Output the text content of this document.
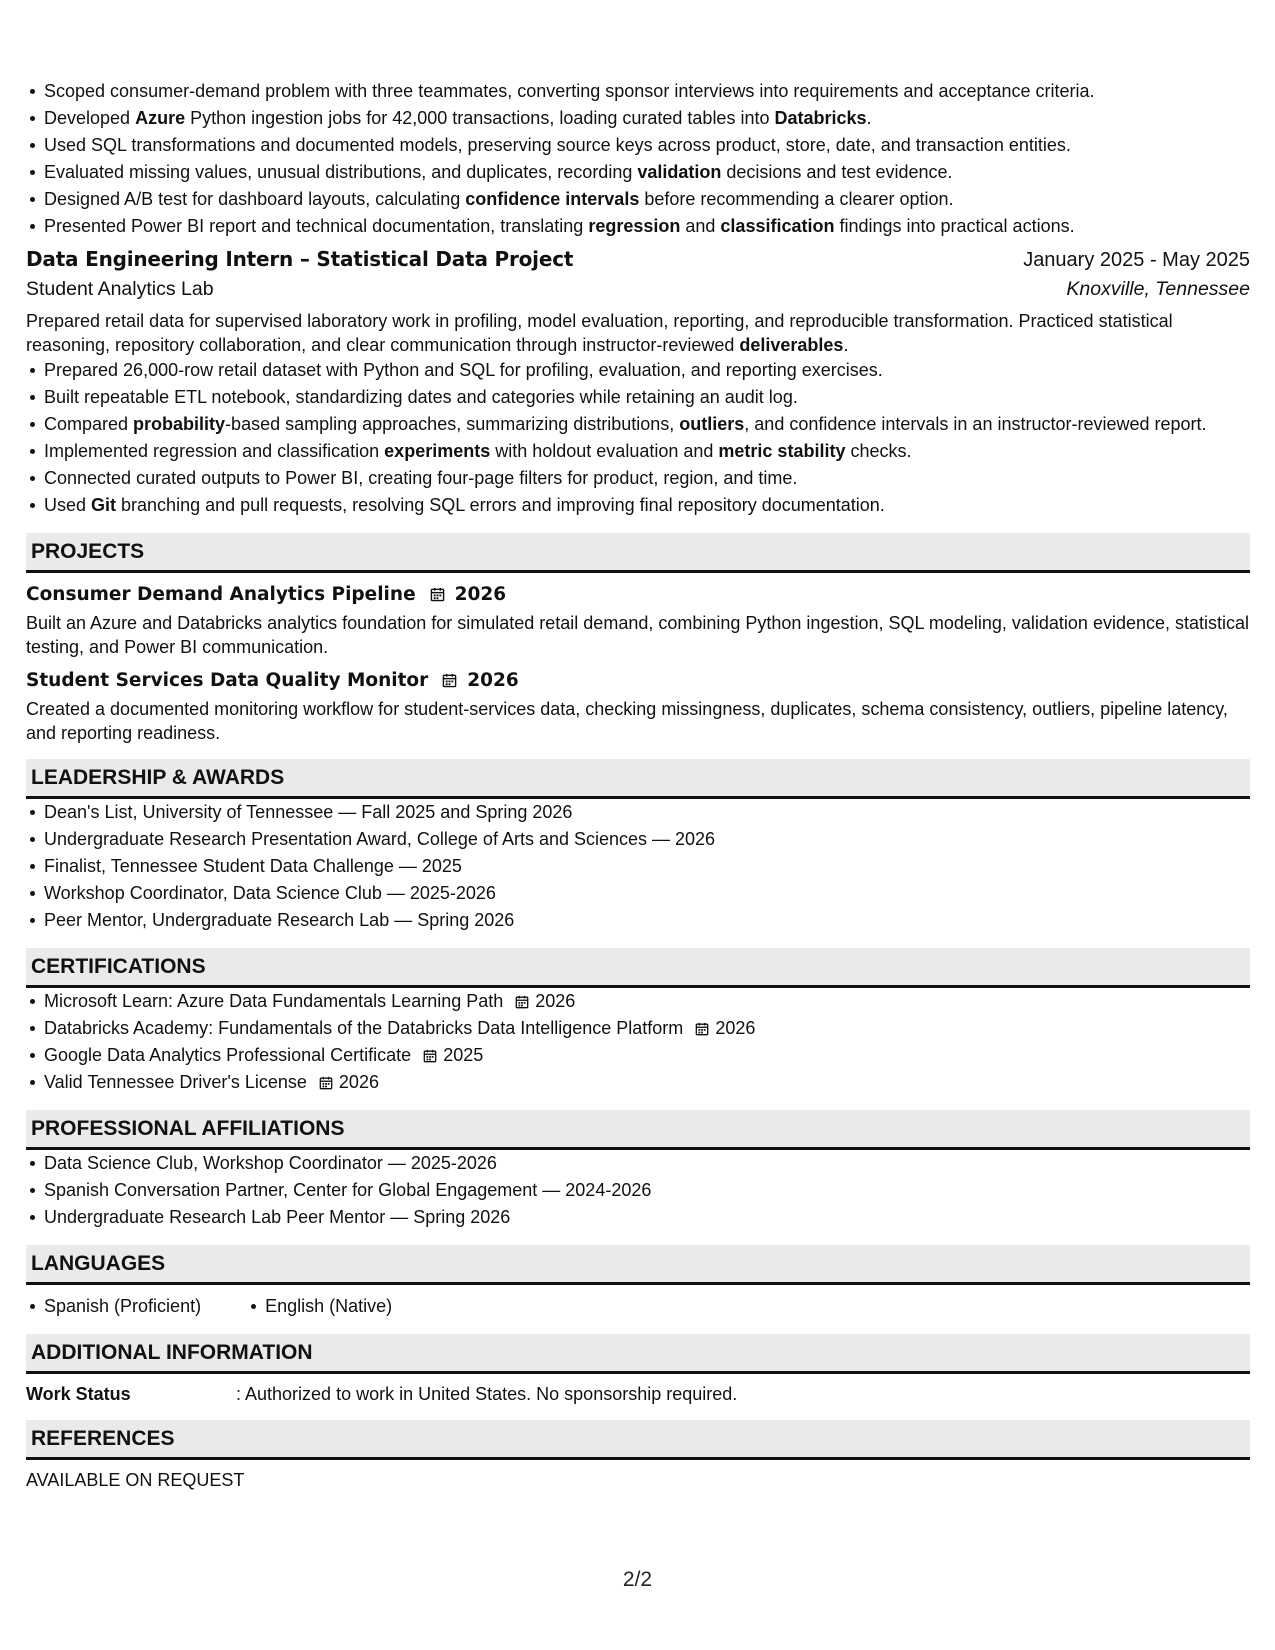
Scoped consumer-demand problem with three teammates, converting sponsor interviews into requirements and acceptance criteria.
Developed Azure Python ingestion jobs for 42,000 transactions, loading curated tables into Databricks.
Used SQL transformations and documented models, preserving source keys across product, store, date, and transaction entities.
Evaluated missing values, unusual distributions, and duplicates, recording validation decisions and test evidence.
Designed A/B test for dashboard layouts, calculating confidence intervals before recommending a clearer option.
Presented Power BI report and technical documentation, translating regression and classification findings into practical actions.
Data Engineering Intern – Statistical Data Project	January 2025 - May 2025
Student Analytics Lab	Knoxville, Tennessee
Prepared retail data for supervised laboratory work in profiling, model evaluation, reporting, and reproducible transformation. Practiced statistical reasoning, repository collaboration, and clear communication through instructor-reviewed deliverables.
Prepared 26,000-row retail dataset with Python and SQL for profiling, evaluation, and reporting exercises.
Built repeatable ETL notebook, standardizing dates and categories while retaining an audit log.
Compared probability-based sampling approaches, summarizing distributions, outliers, and confidence intervals in an instructor-reviewed report.
Implemented regression and classification experiments with holdout evaluation and metric stability checks.
Connected curated outputs to Power BI, creating four-page filters for product, region, and time.
Used Git branching and pull requests, resolving SQL errors and improving final repository documentation.
PROJECTS
Consumer Demand Analytics Pipeline 2026
Built an Azure and Databricks analytics foundation for simulated retail demand, combining Python ingestion, SQL modeling, validation evidence, statistical testing, and Power BI communication.
Student Services Data Quality Monitor 2026
Created a documented monitoring workflow for student-services data, checking missingness, duplicates, schema consistency, outliers, pipeline latency, and reporting readiness.
LEADERSHIP & AWARDS
Dean's List, University of Tennessee — Fall 2025 and Spring 2026
Undergraduate Research Presentation Award, College of Arts and Sciences — 2026
Finalist, Tennessee Student Data Challenge — 2025
Workshop Coordinator, Data Science Club — 2025-2026
Peer Mentor, Undergraduate Research Lab — Spring 2026
CERTIFICATIONS
Microsoft Learn: Azure Data Fundamentals Learning Path 2026
Databricks Academy: Fundamentals of the Databricks Data Intelligence Platform 2026
Google Data Analytics Professional Certificate 2025
Valid Tennessee Driver's License 2026
PROFESSIONAL AFFILIATIONS
Data Science Club, Workshop Coordinator — 2025-2026
Spanish Conversation Partner, Center for Global Engagement — 2024-2026
Undergraduate Research Lab Peer Mentor — Spring 2026
LANGUAGES
Spanish (Proficient)	English (Native)
ADDITIONAL INFORMATION
Work Status	: Authorized to work in United States. No sponsorship required.
REFERENCES
AVAILABLE ON REQUEST
2/2
